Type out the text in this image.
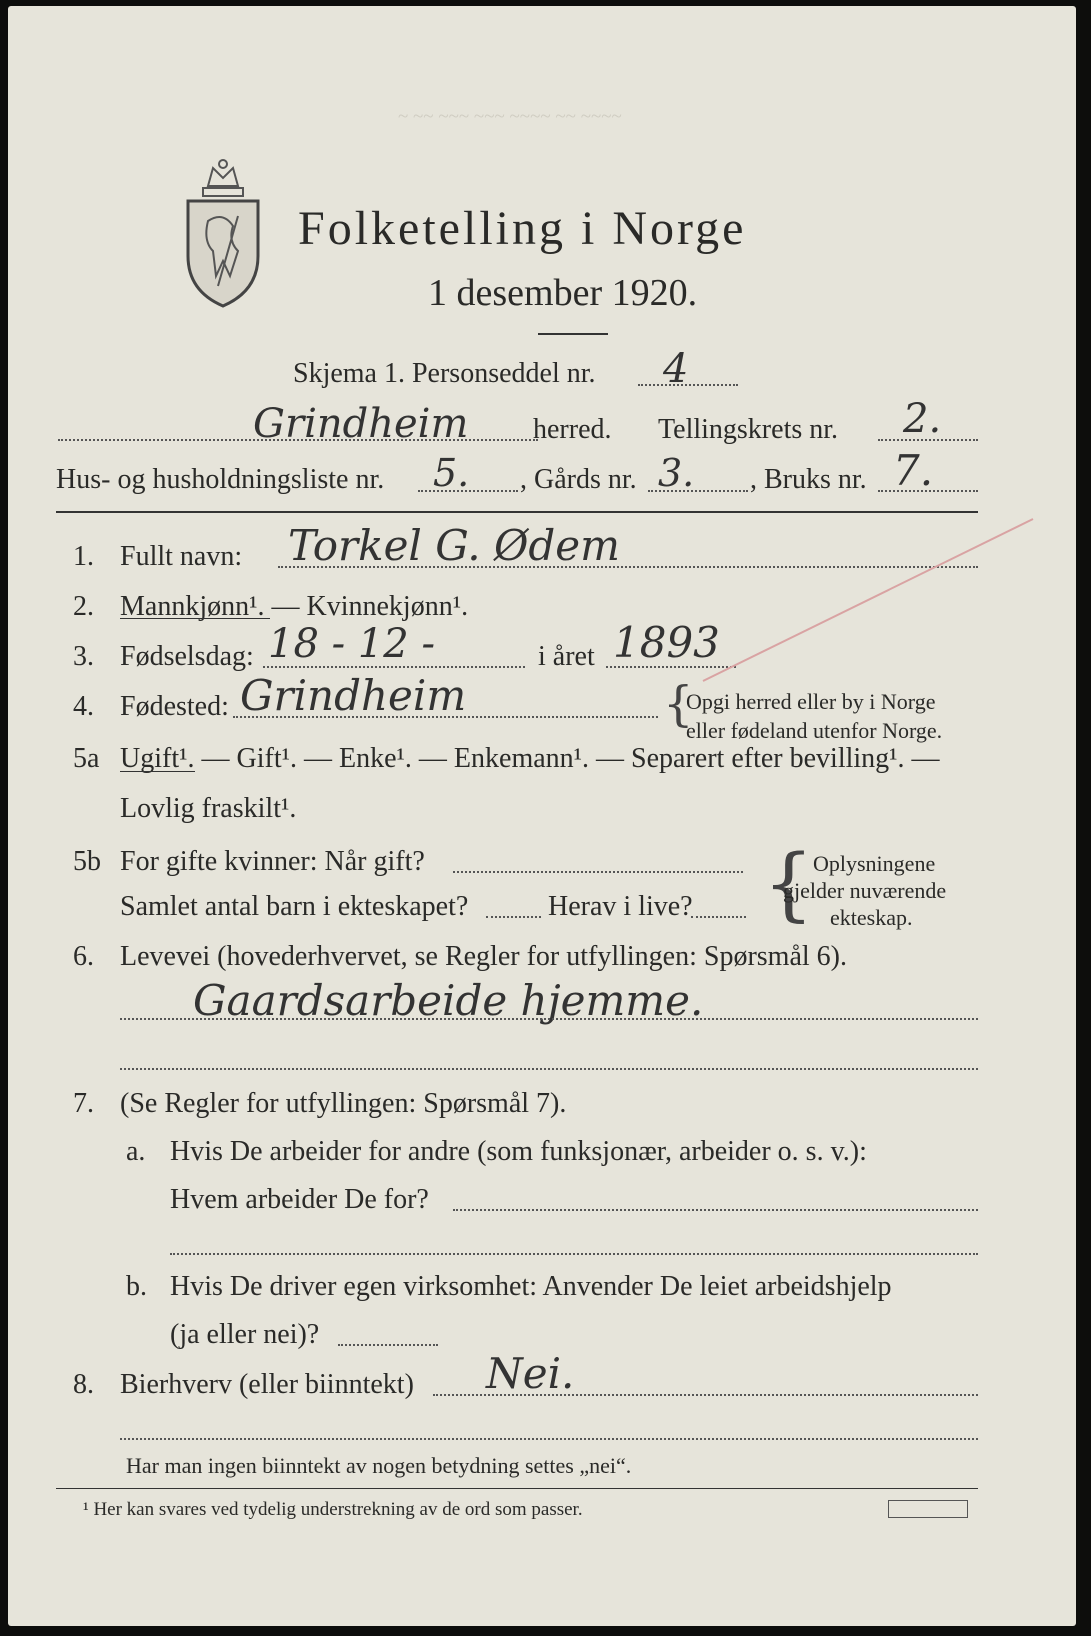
~ ~~ ~~~ ~~~ ~~~~ ~~ ~~~~
Folketelling i Norge
1 desember 1920.
Skjema 1. Personseddel nr. 4
Grindheim herred. Tellingskrets nr. 2.
Hus- og husholdningsliste nr. 5. , Gårds nr. 3. , Bruks nr. 7.
1. Fullt navn: Torkel G. Ødem
2. Mannkjønn¹. — Kvinnekjønn¹.
3. Fødselsdag: 18 - 12 -	i året 1893
4. Fødested: Grindheim	{
Opgi herred eller by i Norge
eller fødeland utenfor Norge.
5a Ugift¹. — Gift¹. — Enke¹. — Enkemann¹. — Separert efter bevilling¹. —
Lovlig fraskilt¹.
5b For gifte kvinner: Når gift?
Samlet antal barn i ekteskapet?	Herav i live? { Oplysningene
gjelder nuværende
ekteskap.
6. Levevei (hovederhvervet, se Regler for utfyllingen: Spørsmål 6).
Gaardsarbeide hjemme.
7. (Se Regler for utfyllingen: Spørsmål 7).
a. Hvis De arbeider for andre (som funksjonær, arbeider o. s. v.):
Hvem arbeider De for?
b. Hvis De driver egen virksomhet: Anvender De leiet arbeidshjelp
(ja eller nei)?
8. Bierhverv (eller biinntekt) Nei.
Har man ingen biinntekt av nogen betydning settes „nei“.
¹ Her kan svares ved tydelig understrekning av de ord som passer.
